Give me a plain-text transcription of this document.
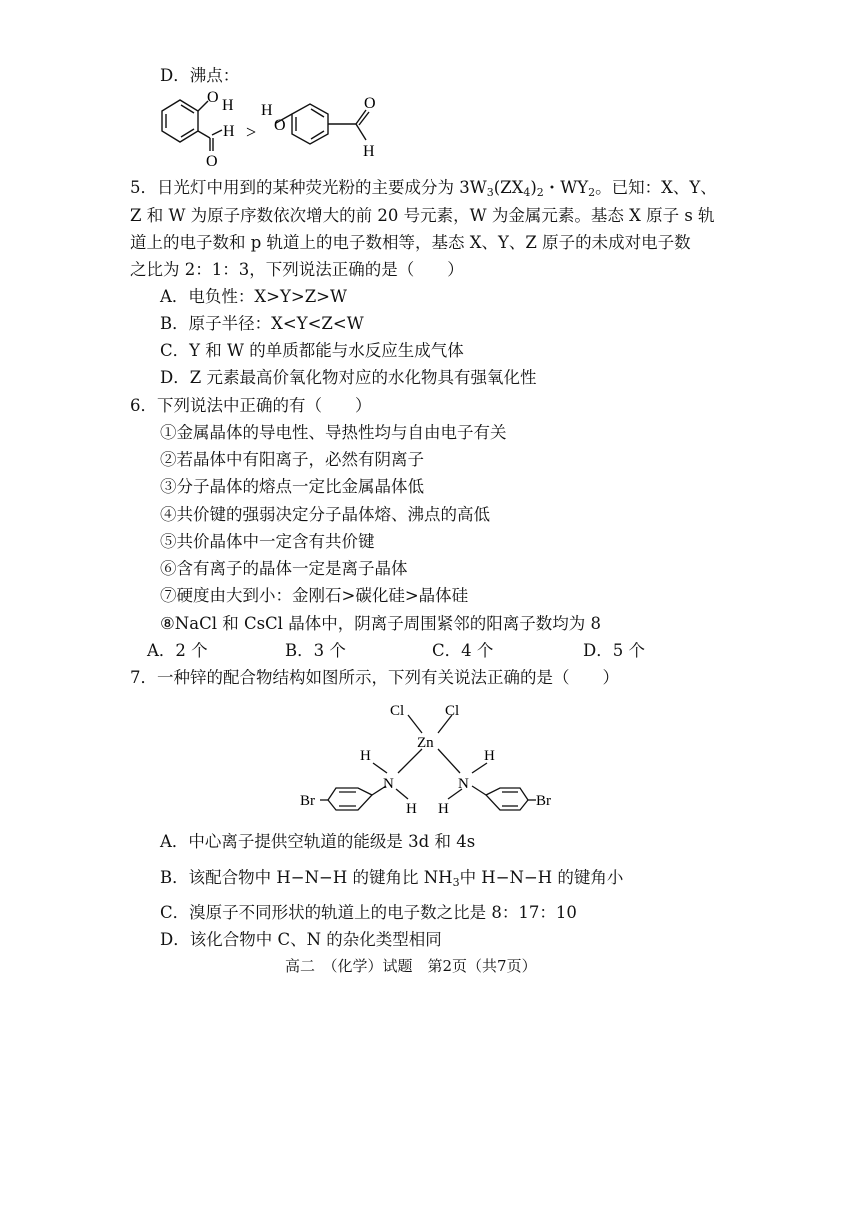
D．沸点：
O H
H
O
>
H
O
O
H
5．日光灯中用到的某种荧光粉的主要成分为 $3W_3(ZX_4)_2$・$WY_2$。已知：X、Y、
Z 和 W 为原子序数依次增大的前 20 号元素，W 为金属元素。基态 X 原子 s 轨
道上的电子数和 p 轨道上的电子数相等，基态 X、Y、Z 原子的未成对电子数
之比为 2：1：3，下列说法正确的是（　　）
A．电负性：X>Y>Z>W
B．原子半径：X<Y<Z<W
C．Y 和 W 的单质都能与水反应生成气体
D．Z 元素最高价氧化物对应的水化物具有强氧化性
6．下列说法中正确的有（　　）
①金属晶体的导电性、导热性均与自由电子有关
②若晶体中有阳离子，必然有阴离子
③分子晶体的熔点一定比金属晶体低
④共价键的强弱决定分子晶体熔、沸点的高低
⑤共价晶体中一定含有共价键
⑥含有离子的晶体一定是离子晶体
⑦硬度由大到小：金刚石>碳化硅>晶体硅
⑧NaCl 和 CsCl 晶体中，阴离子周围紧邻的阳离子数均为 8
A．2 个	B．3 个	C．4 个	D．5 个
7．一种锌的配合物结构如图所示，下列有关说法正确的是（　　）
Cl	Cl
Zn
H	H
N	N
H H
Br	Br
A．中心离子提供空轨道的能级是 3d 和 4s
B．该配合物中 H−N−H 的键角比 $NH_3$中 H−N−H 的键角小
C．溴原子不同形状的轨道上的电子数之比是 8：17：10
D．该化合物中 C、N 的杂化类型相同
高二　（化学）试题　第2页（共7页）
